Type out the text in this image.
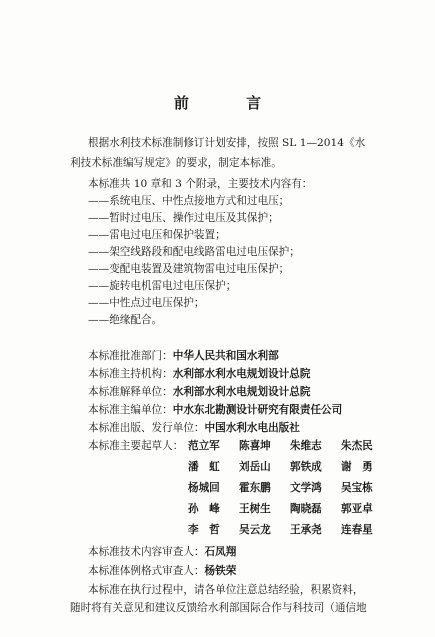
前 言
根据水利技术标准制修订计划安排，按照 SL 1—2014《水
利技术标准编写规定》的要求，制定本标准。
本标准共 10 章和 3 个附录，主要技术内容有：
——系统电压、中性点接地方式和过电压；
——暂时过电压、操作过电压及其保护；
——雷电过电压和保护装置；
——架空线路段和配电线路雷电过电压保护；
——变配电装置及建筑物雷电过电压保护；
——旋转电机雷电过电压保护；
——中性点过电压保护；
——绝缘配合。
本标准批准部门：中华人民共和国水利部
本标准主持机构：水利部水利水电规划设计总院
本标准解释单位：水利部水利水电规划设计总院
本标准主编单位：中水东北勘测设计研究有限责任公司
本标准出版、发行单位：中国水利水电出版社
本标准主要起草人： 范立军 陈喜坤 朱维志 朱杰民
潘　虹 刘岳山 郭铁成 谢　勇
杨城回 霍东鹏 文学鸿 吴宝栋
孙　峰 王树生 陶晓磊 郭亚卓
李　哲 吴云龙 王承尧 连春星
本标准技术内容审查人：石凤翔
本标准体例格式审查人：杨铁荣
本标准在执行过程中，请各单位注意总结经验，积累资料，
随时将有关意见和建议反馈给水利部国际合作与科技司（通信地
